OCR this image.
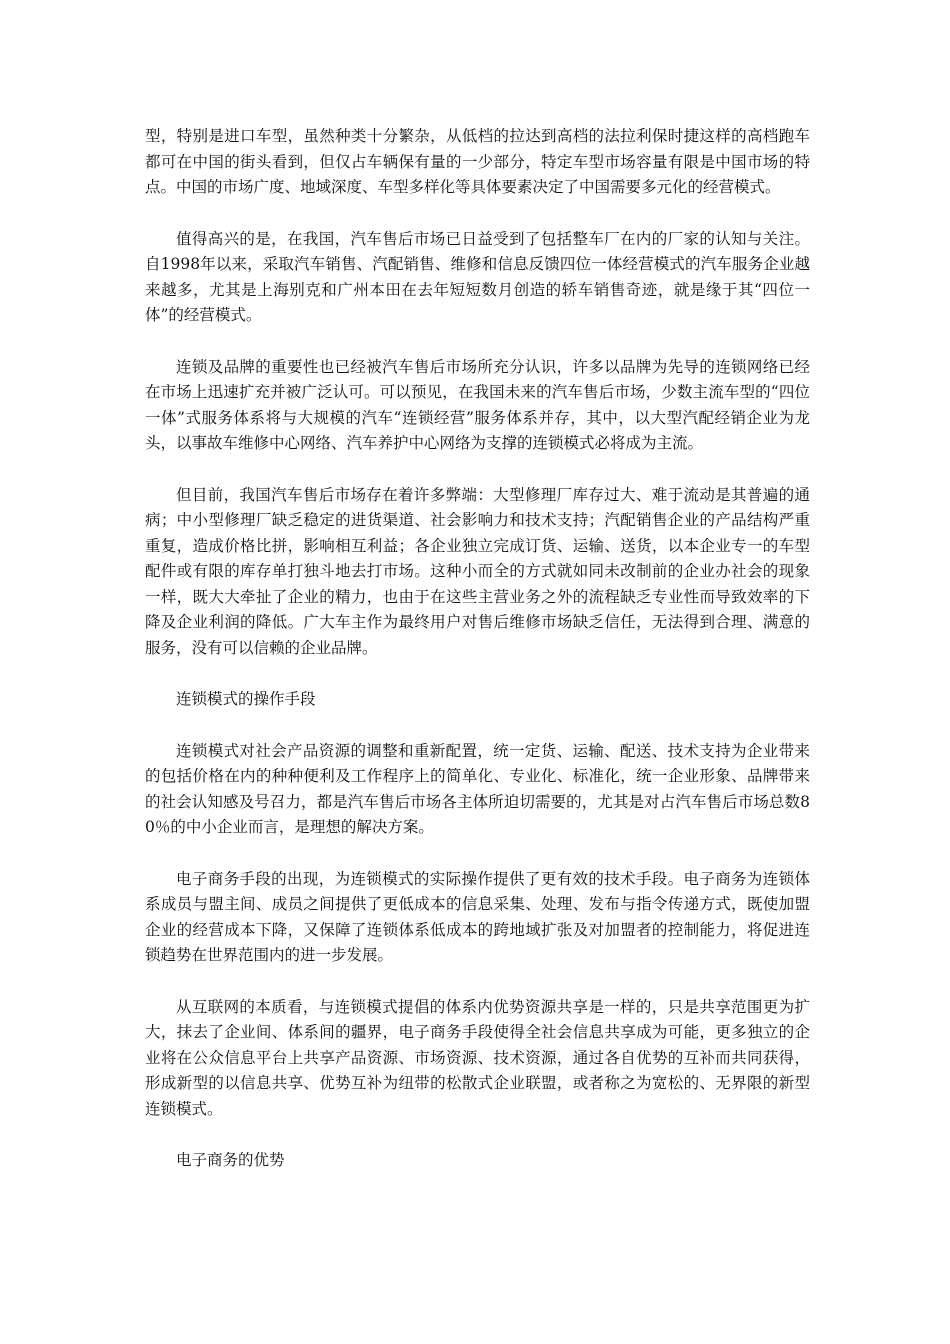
型，特别是进口车型，虽然种类十分繁杂，从低档的拉达到高档的法拉利保时捷这样的高档跑车都可在中国的街头看到，但仅占车辆保有量的一少部分，特定车型市场容量有限是中国市场的特点。中国的市场广度、地域深度、车型多样化等具体要素决定了中国需要多元化的经营模式。

值得高兴的是，在我国，汽车售后市场已日益受到了包括整车厂在内的厂家的认知与关注。自1998年以来，采取汽车销售、汽配销售、维修和信息反馈四位一体经营模式的汽车服务企业越来越多，尤其是上海别克和广州本田在去年短短数月创造的轿车销售奇迹，就是缘于其“四位一体”的经营模式。

连锁及品牌的重要性也已经被汽车售后市场所充分认识，许多以品牌为先导的连锁网络已经在市场上迅速扩充并被广泛认可。可以预见，在我国未来的汽车售后市场，少数主流车型的“四位一体”式服务体系将与大规模的汽车“连锁经营”服务体系并存，其中，以大型汽配经销企业为龙头，以事故车维修中心网络、汽车养护中心网络为支撑的连锁模式必将成为主流。

但目前，我国汽车售后市场存在着许多弊端：大型修理厂库存过大、难于流动是其普遍的通病；中小型修理厂缺乏稳定的进货渠道、社会影响力和技术支持；汽配销售企业的产品结构严重重复，造成价格比拼，影响相互利益；各企业独立完成订货、运输、送货，以本企业专一的车型配件或有限的库存单打独斗地去打市场。这种小而全的方式就如同未改制前的企业办社会的现象一样，既大大牵扯了企业的精力，也由于在这些主营业务之外的流程缺乏专业性而导致效率的下降及企业利润的降低。广大车主作为最终用户对售后维修市场缺乏信任，无法得到合理、满意的服务，没有可以信赖的企业品牌。

连锁模式的操作手段

连锁模式对社会产品资源的调整和重新配置，统一定货、运输、配送、技术支持为企业带来的包括价格在内的种种便利及工作程序上的简单化、专业化、标准化，统一企业形象、品牌带来的社会认知感及号召力，都是汽车售后市场各主体所迫切需要的，尤其是对占汽车售后市场总数80％的中小企业而言，是理想的解决方案。

电子商务手段的出现，为连锁模式的实际操作提供了更有效的技术手段。电子商务为连锁体系成员与盟主间、成员之间提供了更低成本的信息采集、处理、发布与指令传递方式，既使加盟企业的经营成本下降，又保障了连锁体系低成本的跨地域扩张及对加盟者的控制能力，将促进连锁趋势在世界范围内的进一步发展。

从互联网的本质看，与连锁模式提倡的体系内优势资源共享是一样的，只是共享范围更为扩大，抹去了企业间、体系间的疆界，电子商务手段使得全社会信息共享成为可能，更多独立的企业将在公众信息平台上共享产品资源、市场资源、技术资源，通过各自优势的互补而共同获得，形成新型的以信息共享、优势互补为纽带的松散式企业联盟，或者称之为宽松的、无界限的新型连锁模式。

电子商务的优势
